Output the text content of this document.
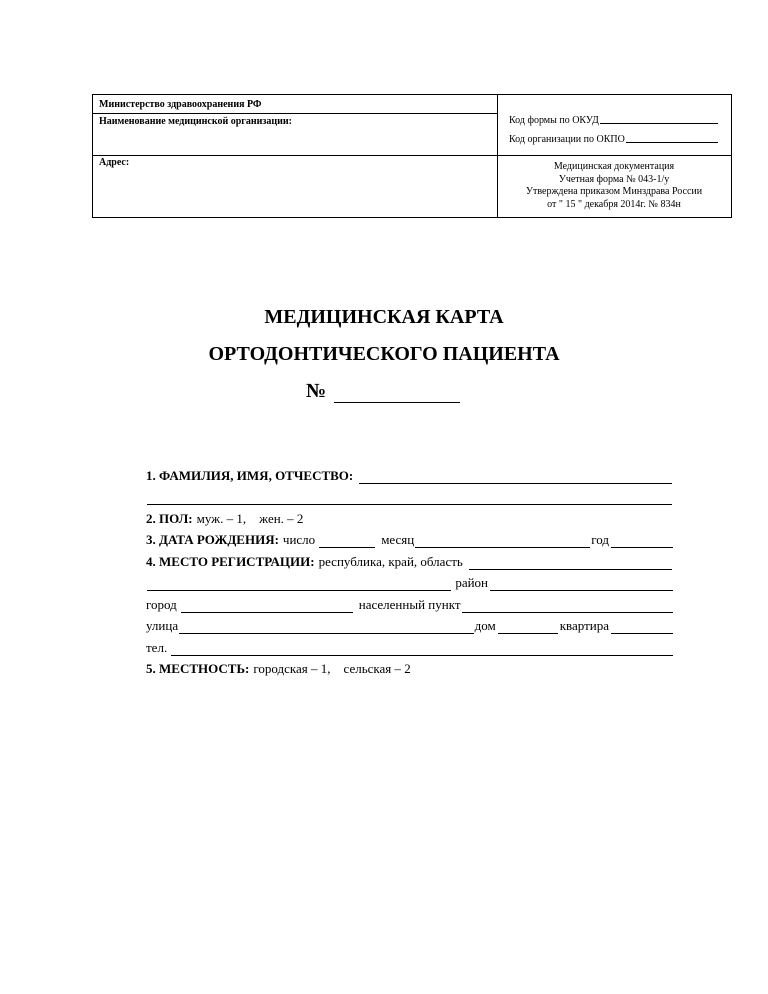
Министерство здравоохранения РФ
Наименование медицинской организации:
Адрес:
Код формы по ОКУД
Код организации по ОКПО
Медицинская документация
Учетная форма № 043-1/у
Утверждена приказом Минздрава России
от " 15 " декабря 2014г. № 834н
МЕДИЦИНСКАЯ КАРТА
ОРТОДОНТИЧЕСКОГО ПАЦИЕНТА
№
1. ФАМИЛИЯ, ИМЯ, ОТЧЕСТВО:
2. ПОЛ: муж. – 1,    жен. – 2
3. ДАТА РОЖДЕНИЯ: число	месяц	год
4. МЕСТО РЕГИСТРАЦИИ: республика, край, область
район
город	населенный пункт
улица	дом	квартира
тел.
5. МЕСТНОСТЬ: городская – 1,    сельская – 2
